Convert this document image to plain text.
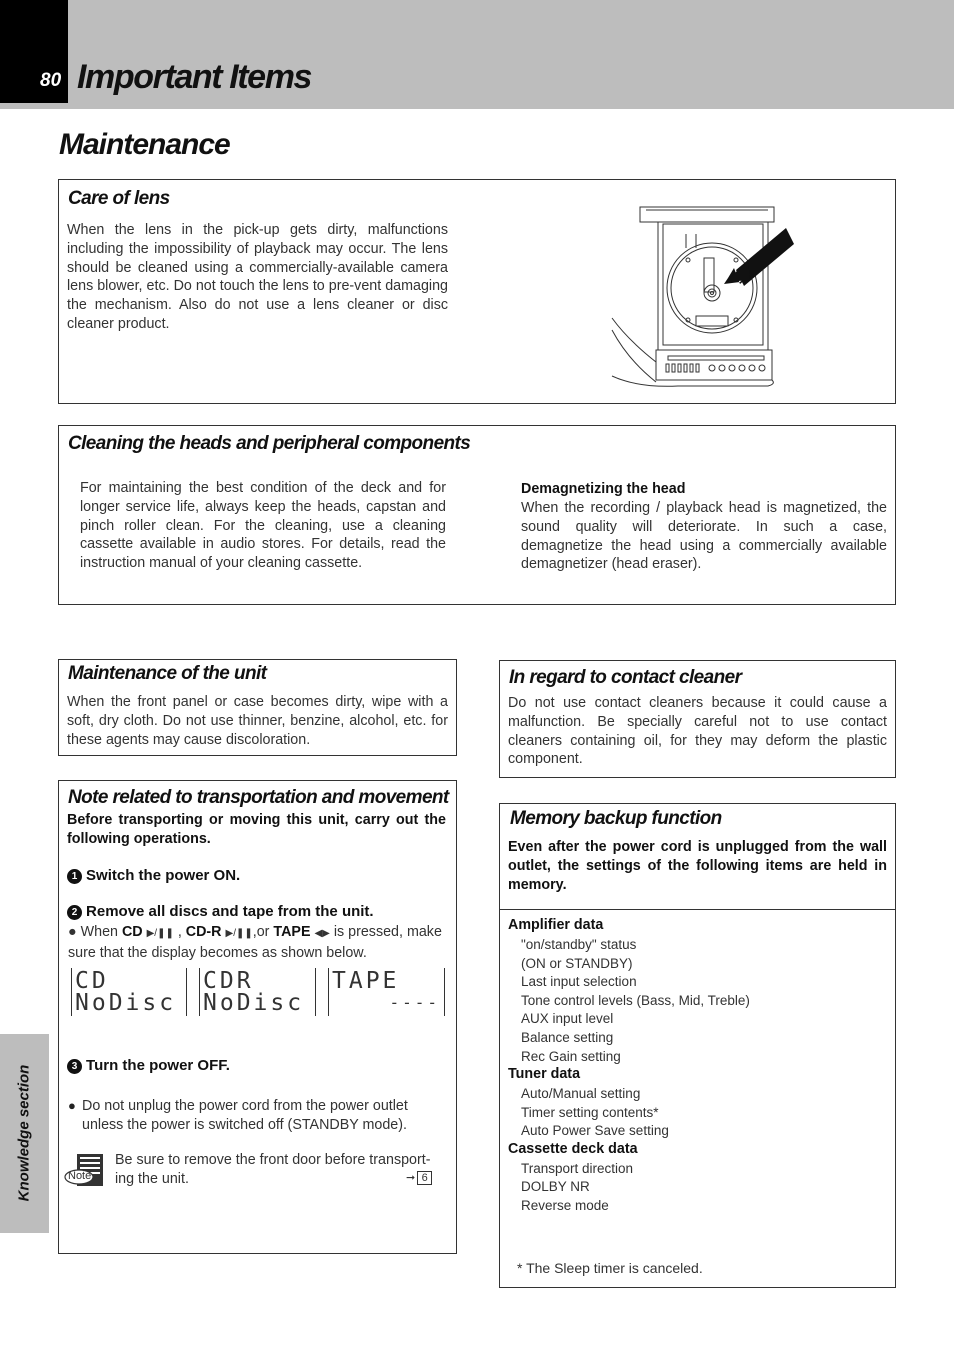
80 Important Items
Maintenance
Care of lens
When the lens in the pick-up gets dirty, malfunctions including the impossibility of playback may occur. The lens should be cleaned using a commercially-available camera lens blower, etc. Do not touch the lens to pre-vent damaging the mechanism. Also do not use a lens cleaner or disc cleaner product.
Cleaning the heads and peripheral components
For maintaining the best condition of the deck and for longer service life, always keep the heads, capstan and pinch roller clean. For the cleaning, use a cleaning cassette available in audio stores. For details, read the instruction manual of your cleaning cassette.
Demagnetizing the head
When the recording / playback head is magnetized, the sound quality will deteriorate. In such a case, demagnetize the head using a commercially available demagnetizer (head eraser).
Maintenance of the unit
When the front panel or case becomes dirty, wipe with a soft, dry cloth. Do not use thinner, benzine, alcohol, etc. for these agents may cause discoloration.
Note related to transportation and movement
Before transporting or moving this unit, carry out the following operations.
1 Switch the power ON.
2 Remove all discs and tape from the unit.
● When CD ▶/❚❚ , CD-R ▶/❚❚,or TAPE ◀▶ is pressed, make sure that the display becomes as shown below.
CD
NoDisc
CDR
NoDisc
TAPE
----
3 Turn the power OFF.
● Do not unplug the power cord from the power outlet unless the power is switched off (STANDBY mode).
Note
Be sure to remove the front door before transport-ing the unit.	➞ 6
In regard to contact cleaner
Do not use contact cleaners because it could cause a malfunction. Be specially careful not to use contact cleaners containing oil, for they may deform the plastic component.
Memory backup function
Even after the power cord is unplugged from the wall outlet, the settings of the following items are held in memory.
Amplifier data
"on/standby" status
(ON or STANDBY)
Last input selection
Tone control levels (Bass, Mid, Treble)
AUX input level
Balance setting
Rec Gain setting
Tuner data
Auto/Manual setting
Timer setting contents*
Auto Power Save setting
Cassette deck data
Transport direction
DOLBY NR
Reverse mode
* The Sleep timer is canceled.
Knowledge section
